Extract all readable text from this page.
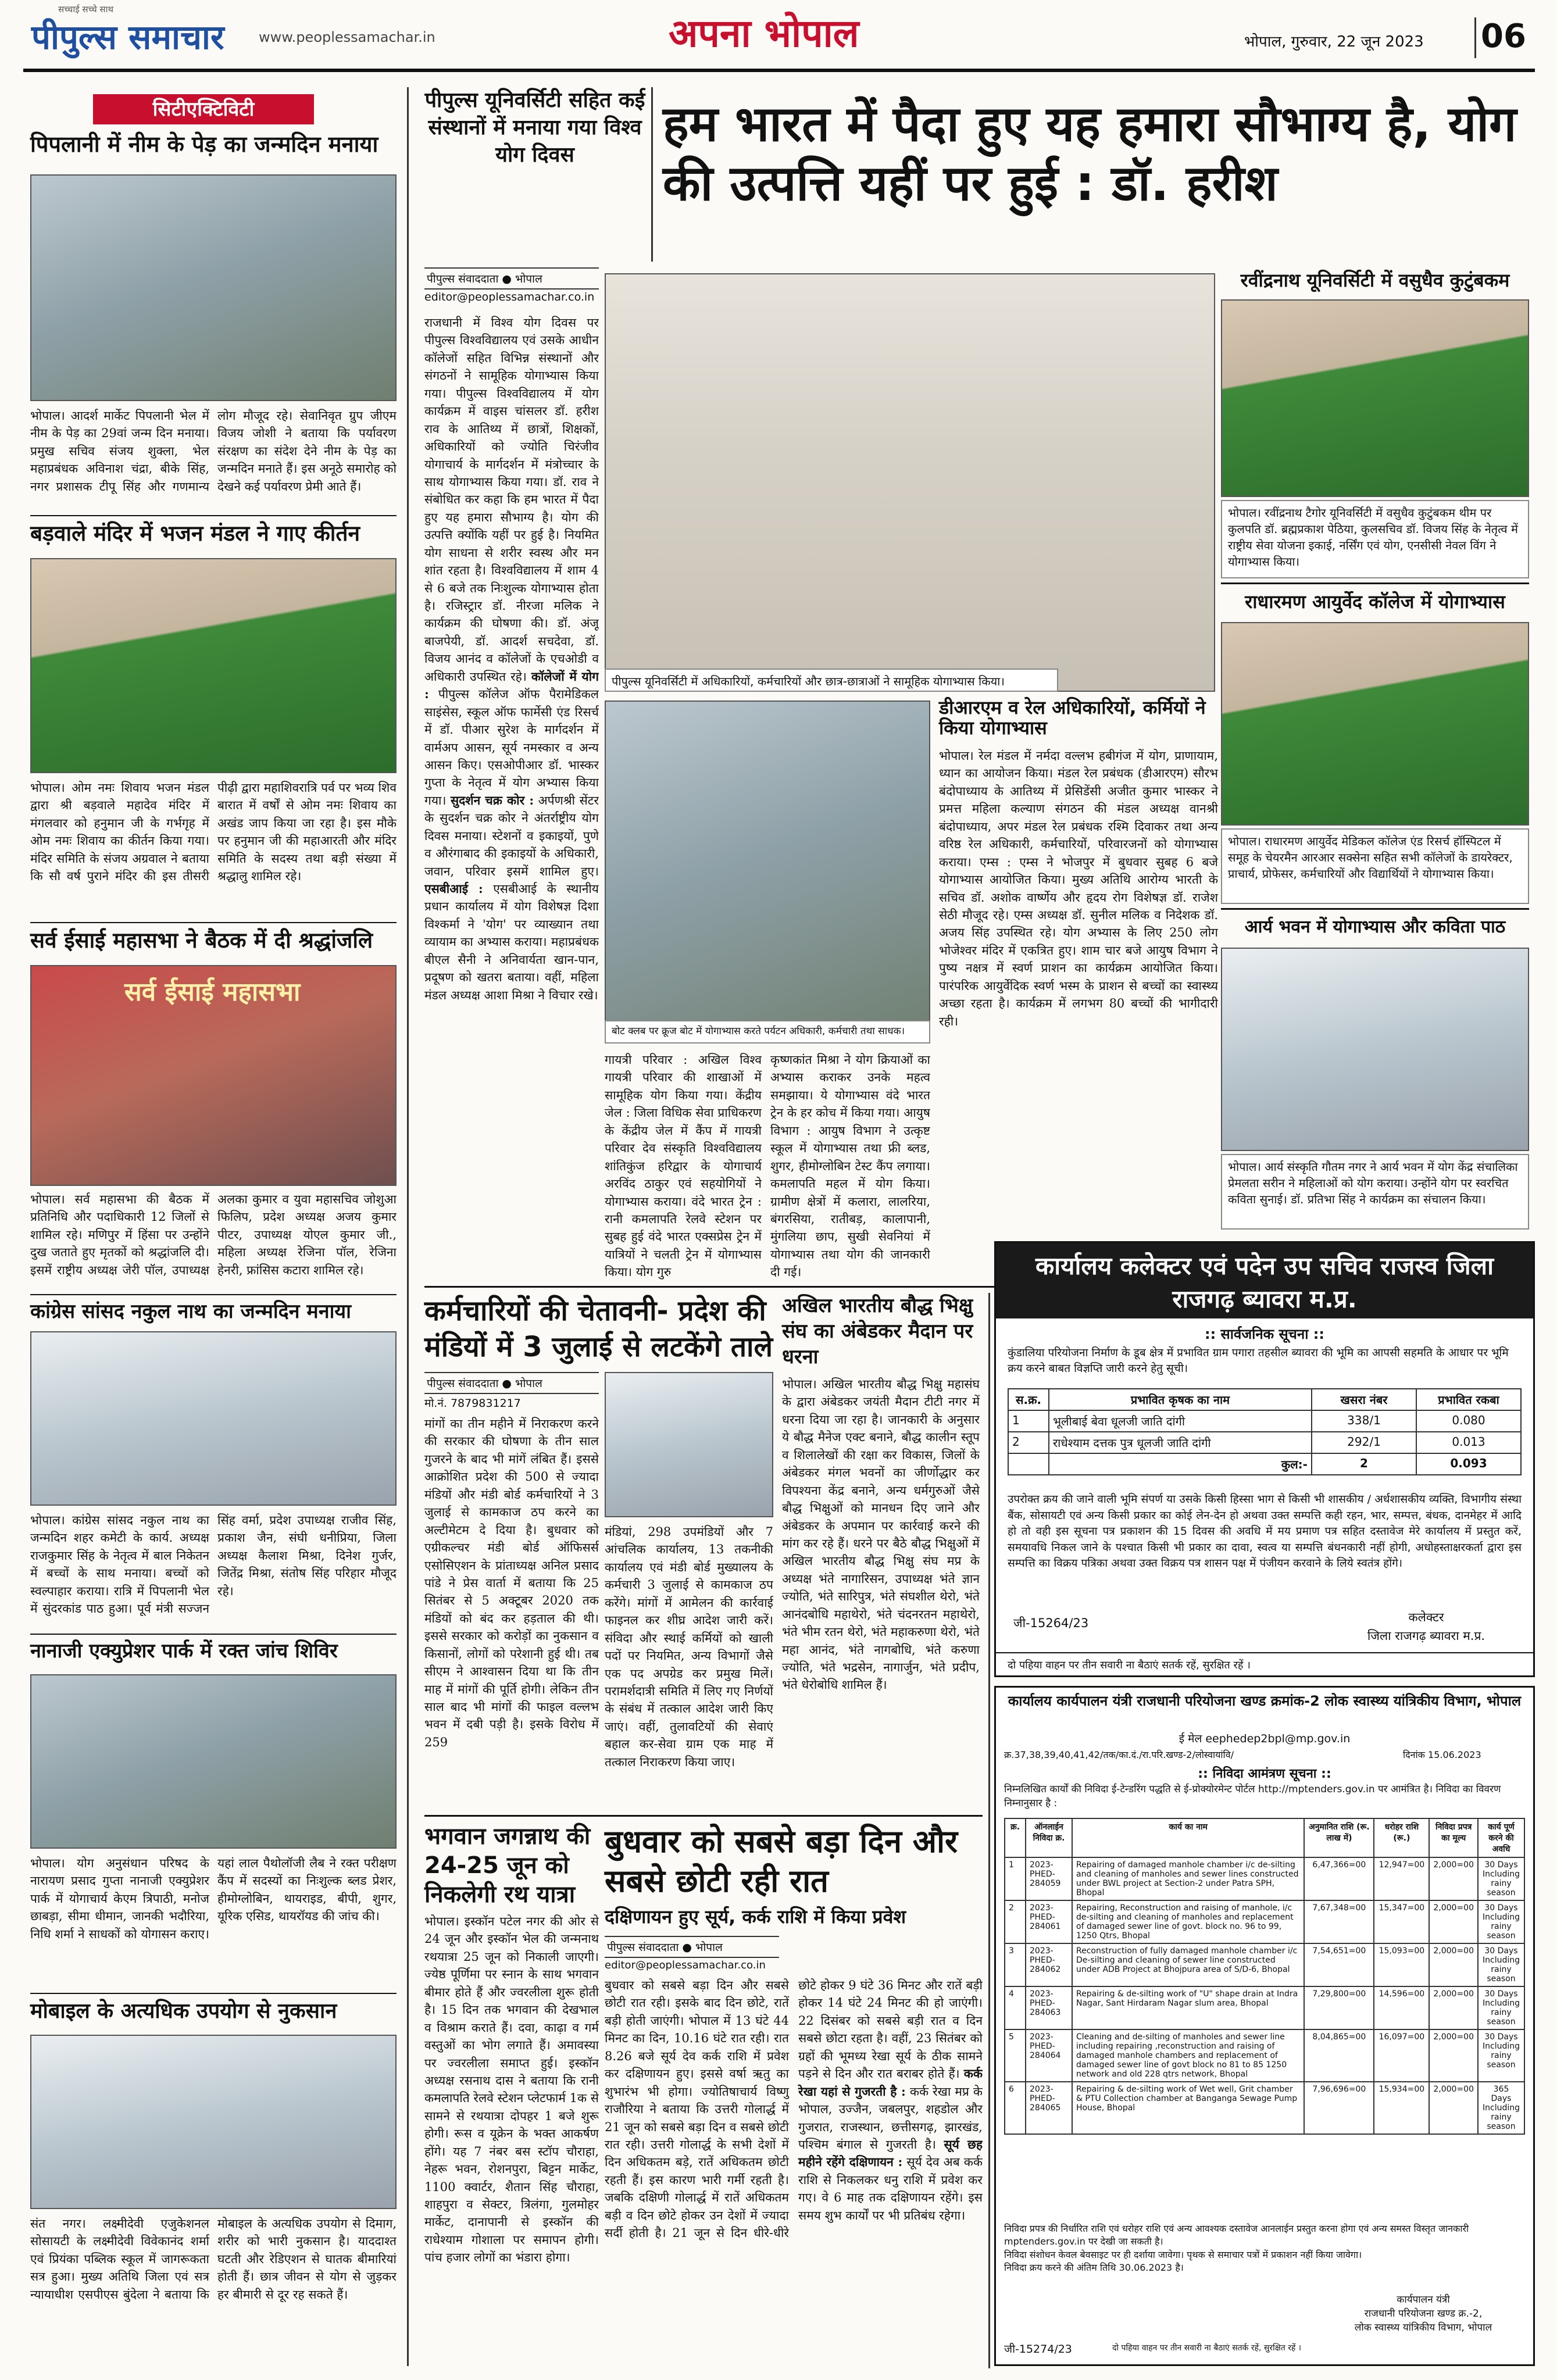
सच्चाई सच्चे साथ
पीपुल्स समाचार www.peoplessamachar.in	अपना भोपाल	भोपाल, गुरुवार, 22 जून 2023 06
सिटीएक्टिविटी
पिपलानी में नीम के पेड़ का जन्मदिन मनाया
भोपाल। आदर्श मार्केट पिपलानी भेल में नीम के पेड़ का 29वां जन्म दिन मनाया। प्रमुख सचिव संजय शुक्ला, भेल महाप्रबंधक अविनाश चंद्रा, बीके सिंह, नगर प्रशासक टीपू सिंह और गणमान्य लोग मौजूद रहे। सेवानिवृत ग्रुप जीएम विजय जोशी ने बताया कि पर्यावरण संरक्षण का संदेश देने नीम के पेड़ का जन्मदिन मनाते हैं। इस अनूठे समारोह को देखने कई पर्यावरण प्रेमी आते हैं।
बड़वाले मंदिर में भजन मंडल ने गाए कीर्तन
भोपाल। ओम नमः शिवाय भजन मंडल द्वारा श्री बड़वाले महादेव मंदिर में मंगलवार को हनुमान जी के गर्भगृह में ओम नमः शिवाय का कीर्तन किया गया। मंदिर समिति के संजय अग्रवाल ने बताया कि सौ वर्ष पुराने मंदिर की इस तीसरी पीढ़ी द्वारा महाशिवरात्रि पर्व पर भव्य शिव बारात में वर्षों से ओम नमः शिवाय का अखंड जाप किया जा रहा है। इस मौके पर हनुमान जी की महाआरती और मंदिर समिति के सदस्य तथा बड़ी संख्या में श्रद्धालु शामिल रहे।
सर्व ईसाई महासभा ने बैठक में दी श्रद्धांजलि
सर्व ईसाई महासभा
भोपाल। सर्व महासभा की बैठक में प्रतिनिधि और पदाधिकारी 12 जिलों से शामिल रहे। मणिपुर में हिंसा पर उन्होंने दुख जताते हुए मृतकों को श्रद्धांजलि दी। इसमें राष्ट्रीय अध्यक्ष जेरी पॉल, उपाध्यक्ष अलका कुमार व युवा महासचिव जोशुआ फिलिप, प्रदेश अध्यक्ष अजय कुमार पीटर, उपाध्यक्ष योएल कुमार जी., महिला अध्यक्ष रेजिना पॉल, रेजिना हेनरी, फ्रांसिस कटारा शामिल रहे।
कांग्रेस सांसद नकुल नाथ का जन्मदिन मनाया
भोपाल। कांग्रेस सांसद नकुल नाथ का जन्मदिन शहर कमेटी के कार्य. अध्यक्ष राजकुमार सिंह के नेतृत्व में बाल निकेतन में बच्चों के साथ मनाया। बच्चों को स्वल्पाहार कराया। रात्रि में पिपलानी भेल में सुंदरकांड पाठ हुआ। पूर्व मंत्री सज्जन सिंह वर्मा, प्रदेश उपाध्यक्ष राजीव सिंह, प्रकाश जैन, संघी धनीप्रिया, जिला अध्यक्ष कैलाश मिश्रा, दिनेश गुर्जर, जितेंद्र मिश्रा, संतोष सिंह परिहार मौजूद रहे।
नानाजी एक्युप्रेशर पार्क में रक्त जांच शिविर
भोपाल। योग अनुसंधान परिषद के नारायण प्रसाद गुप्ता नानाजी एक्युप्रेशर पार्क में योगाचार्य केएम त्रिपाठी, मनोज छाबड़ा, सीमा धीमान, जानकी भदौरिया, निधि शर्मा ने साधकों को योगासन कराए। यहां लाल पैथोलॉजी लैब ने रक्त परीक्षण कैंप में सदस्यों का निःशुल्क ब्लड प्रेशर, हीमोग्लोबिन, थायराइड, बीपी, शुगर, यूरिक एसिड, थायरॉयड की जांच की।
मोबाइल के अत्यधिक उपयोग से नुकसान
संत नगर। लक्ष्मीदेवी एजुकेशनल सोसायटी के लक्ष्मीदेवी विवेकानंद शर्मा एवं प्रियंका पब्लिक स्कूल में जागरूकता सत्र हुआ। मुख्य अतिथि जिला एवं सत्र न्यायाधीश एसपीएस बुंदेला ने बताया कि मोबाइल के अत्यधिक उपयोग से दिमाग, शरीर को भारी नुकसान है। याददाश्त घटती और रेडिएशन से घातक बीमारियां होती हैं। छात्र जीवन से योग से जुड़कर हर बीमारी से दूर रह सकते हैं।
पीपुल्स यूनिवर्सिटी सहित कई संस्थानों में मनाया गया विश्व योग दिवस
हम भारत में पैदा हुए यह हमारा सौभाग्य है, योग की उत्पत्ति यहीं पर हुई : डॉ. हरीश
पीपुल्स संवाददाता ● भोपाल
editor@peoplessamachar.co.in
राजधानी में विश्व योग दिवस पर पीपुल्स विश्वविद्यालय एवं उसके आधीन कॉलेजों सहित विभिन्न संस्थानों और संगठनों ने सामूहिक योगाभ्यास किया गया। पीपुल्स विश्वविद्यालय में योग कार्यक्रम में वाइस चांसलर डॉ. हरीश राव के आतिथ्य में छात्रों, शिक्षकों, अधिकारियों को ज्योति चिरंजीव योगाचार्य के मार्गदर्शन में मंत्रोच्चार के साथ योगाभ्यास किया गया। डॉ. राव ने संबोधित कर कहा कि हम भारत में पैदा हुए यह हमारा सौभाग्य है। योग की उत्पत्ति क्योंकि यहीं पर हुई है। नियमित योग साधना से शरीर स्वस्थ और मन शांत रहता है। विश्वविद्यालय में शाम 4 से 6 बजे तक निःशुल्क योगाभ्यास होता है। रजिस्ट्रार डॉ. नीरजा मलिक ने कार्यक्रम की घोषणा की। डॉ. अंजू बाजपेयी, डॉ. आदर्श सचदेवा, डॉ. विजय आनंद व कॉलेजों के एचओडी व अधिकारी उपस्थित रहे। कॉलेजों में योग : पीपुल्स कॉलेज ऑफ पैरामेडिकल साइंसेस, स्कूल ऑफ फार्मेसी एंड रिसर्च में डॉ. पीआर सुरेश के मार्गदर्शन में वार्मअप आसन, सूर्य नमस्कार व अन्य आसन किए। एसओपीआर डॉ. भास्कर गुप्ता के नेतृत्व में योग अभ्यास किया गया। सुदर्शन चक्र कोर : अर्पणश्री सेंटर के सुदर्शन चक्र कोर ने अंतर्राष्ट्रीय योग दिवस मनाया। स्टेशनों व इकाइयों, पुणे व औरंगाबाद की इकाइयों के अधिकारी, जवान, परिवार इसमें शामिल हुए। एसबीआई : एसबीआई के स्थानीय प्रधान कार्यालय में योग विशेषज्ञ दिशा विश्कर्मा ने 'योग' पर व्याख्यान तथा व्यायाम का अभ्यास कराया। महाप्रबंधक बीएल सैनी ने अनिवार्यता खान-पान, प्रदूषण को खतरा बताया। वहीं, महिला मंडल अध्यक्ष आशा मिश्रा ने विचार रखे।
पीपुल्स यूनिवर्सिटी में अधिकारियों, कर्मचारियों और छात्र-छात्राओं ने सामूहिक योगाभ्यास किया।
बोट क्लब पर क्रूज बोट में योगाभ्यास करते पर्यटन अधिकारी, कर्मचारी तथा साधक।
गायत्री परिवार : अखिल विश्व गायत्री परिवार की शाखाओं में सामूहिक योग किया गया। केंद्रीय जेल : जिला विधिक सेवा प्राधिकरण के केंद्रीय जेल में कैंप में गायत्री परिवार देव संस्कृति विश्वविद्यालय शांतिकुंज हरिद्वार के योगाचार्य अरविंद ठाकुर एवं सहयोगियों ने योगाभ्यास कराया। वंदे भारत ट्रेन : रानी कमलापति रेलवे स्टेशन पर सुबह हुई वंदे भारत एक्सप्रेस ट्रेन में यात्रियों ने चलती ट्रेन में योगाभ्यास किया। योग गुरु
कृष्णकांत मिश्रा ने योग क्रियाओं का अभ्यास कराकर उनके महत्व समझाया। ये योगाभ्यास वंदे भारत ट्रेन के हर कोच में किया गया। आयुष विभाग : आयुष विभाग ने उत्कृष्ट स्कूल में योगाभ्यास तथा फ्री ब्लड, शुगर, हीमोग्लोबिन टेस्ट कैंप लगाया। कमलापति महल में योग किया। ग्रामीण क्षेत्रों में कलारा, लालरिया, बंगरसिया, रातीबड़, कालापानी, मुंगलिया छाप, सुखी सेवनियां में योगाभ्यास तथा योग की जानकारी दी गई।
डीआरएम व रेल अधिकारियों, कर्मियों ने किया योगाभ्यास
भोपाल। रेल मंडल में नर्मदा वल्लभ हबीगंज में योग, प्राणायाम, ध्यान का आयोजन किया। मंडल रेल प्रबंधक (डीआरएम) सौरभ बंदोपाध्याय के आतिथ्य में प्रेसिडेंसी अजीत कुमार भास्कर ने प्रमत्त महिला कल्याण संगठन की मंडल अध्यक्ष वानश्री बंदोपाध्याय, अपर मंडल रेल प्रबंधक रश्मि दिवाकर तथा अन्य वरिष्ठ रेल अधिकारी, कर्मचारियों, परिवारजनों को योगाभ्यास कराया। एम्स : एम्स ने भोजपुर में बुधवार सुबह 6 बजे योगाभ्यास आयोजित किया। मुख्य अतिथि आरोग्य भारती के सचिव डॉ. अशोक वार्ष्णेय और हृदय रोग विशेषज्ञ डॉ. राजेश सेठी मौजूद रहे। एम्स अध्यक्ष डॉ. सुनील मलिक व निदेशक डॉ. अजय सिंह उपस्थित रहे। योग अभ्यास के लिए 250 लोग भोजेश्वर मंदिर में एकत्रित हुए। शाम चार बजे आयुष विभाग ने पुष्य नक्षत्र में स्वर्ण प्राशन का कार्यक्रम आयोजित किया। पारंपरिक आयुर्वेदिक स्वर्ण भस्म के प्राशन से बच्चों का स्वास्थ्य अच्छा रहता है। कार्यक्रम में लगभग 80 बच्चों की भागीदारी रही।
कर्मचारियों की चेतावनी- प्रदेश की मंडियों में 3 जुलाई से लटकेंगे ताले
पीपुल्स संवाददाता ● भोपाल
मो.नं. 7879831217
मांगों का तीन महीने में निराकरण करने की सरकार की घोषणा के तीन साल गुजरने के बाद भी मांगें लंबित हैं। इससे आक्रोशित प्रदेश की 500 से ज्यादा मंडियों और मंडी बोर्ड कर्मचारियों ने 3 जुलाई से कामकाज ठप करने का अल्टीमेटम दे दिया है। बुधवार को एग्रीकल्चर मंडी बोर्ड ऑफिसर्स एसोसिएशन के प्रांताध्यक्ष अनिल प्रसाद पांडे ने प्रेस वार्ता में बताया कि 25 सितंबर से 5 अक्टूबर 2020 तक मंडियों को बंद कर हड़ताल की थी। इससे सरकार को करोड़ों का नुकसान व किसानों, लोगों को परेशानी हुई थी। तब सीएम ने आश्वासन दिया था कि तीन माह में मांगों की पूर्ति होगी। लेकिन तीन साल बाद भी मांगों की फाइल वल्लभ भवन में दबी पड़ी है। इसके विरोध में 259
मंडियां, 298 उपमंडियों और 7 आंचलिक कार्यालय, 13 तकनीकी कार्यालय एवं मंडी बोर्ड मुख्यालय के कर्मचारी 3 जुलाई से कामकाज ठप करेंगे। मांगों में आमेलन की कार्रवाई फाइनल कर शीघ्र आदेश जारी करें। संविदा और स्थाई कर्मियों को खाली पदों पर नियमित, अन्य विभागों जैसे एक पद अपग्रेड कर प्रमुख मिलें। परामर्शदात्री समिति में लिए गए निर्णयों के संबंध में तत्काल आदेश जारी किए जाएं। वहीं, तुलावटियों की सेवाएं बहाल कर-सेवा ग्राम एक माह में तत्काल निराकरण किया जाए।
अखिल भारतीय बौद्ध भिक्षु संघ का अंबेडकर मैदान पर धरना
भोपाल। अखिल भारतीय बौद्ध भिक्षु महासंघ के द्वारा अंबेडकर जयंती मैदान टीटी नगर में धरना दिया जा रहा है। जानकारी के अनुसार ये बौद्ध मैनेज एक्ट बनाने, बौद्ध कालीन स्तूप व शिलालेखों की रक्षा कर विकास, जिलों के अंबेडकर मंगल भवनों का जीर्णोद्धार कर विपश्यना केंद्र बनाने, अन्य धर्मगुरुओं जैसे बौद्ध भिक्षुओं को मानधन दिए जाने और अंबेडकर के अपमान पर कार्रवाई करने की मांग कर रहे हैं। धरने पर बैठे बौद्ध भिक्षुओं में अखिल भारतीय बौद्ध भिक्षु संघ मप्र के अध्यक्ष भंते नागारिसन, उपाध्यक्ष भंते ज्ञान ज्योति, भंते सारिपुत्र, भंते संघशील थेरो, भंते आनंदबोधि महाथेरो, भंते चंदनरतन महाथेरो, भंते भीम रतन थेरो, भंते महाकरुणा थेरो, भंते महा आनंद, भंते नागबोधि, भंते करुणा ज्योति, भंते भद्रसेन, नागार्जुन, भंते प्रदीप, भंते धेरोबोधि शामिल हैं।
भगवान जगन्नाथ की 24-25 जून को निकलेगी रथ यात्रा
भोपाल। इस्कॉन पटेल नगर की ओर से 24 जून और इस्कॉन भेल की जन्मनाथ रथयात्रा 25 जून को निकाली जाएगी। ज्येष्ठ पूर्णिमा पर स्नान के साथ भगवान बीमार होते हैं और ज्वरलीला शुरू होती है। 15 दिन तक भगवान की देखभाल व विश्राम कराते हैं। दवा, काढ़ा व गर्म वस्तुओं का भोग लगाते हैं। अमावस्या पर ज्वरलीला समाप्त हुई। इस्कॉन अध्यक्ष रसनाथ दास ने बताया कि रानी कमलापति रेलवे स्टेशन प्लेटफार्म 1क से सामने से रथयात्रा दोपहर 1 बजे शुरू होगी। रूस व यूक्रेन के भक्त आकर्षण होंगे। यह 7 नंबर बस स्टॉप चौराहा, नेहरू भवन, रोशनपुरा, बिट्टन मार्केट, 1100 क्वार्टर, शैतान सिंह चौराहा, शाहपुरा व सेक्टर, त्रिलंगा, गुलमोहर मार्केट, दानापानी से इस्कॉन की राधेश्याम गोशाला पर समापन होगी। पांच हजार लोगों का भंडारा होगा।
बुधवार को सबसे बड़ा दिन और सबसे छोटी रही रात
दक्षिणायन हुए सूर्य, कर्क राशि में किया प्रवेश
पीपुल्स संवाददाता ● भोपाल
editor@peoplessamachar.co.in
बुधवार को सबसे बड़ा दिन और सबसे छोटी रात रही। इसके बाद दिन छोटे, रातें बड़ी होती जाएंगी। भोपाल में 13 घंटे 44 मिनट का दिन, 10.16 घंटे रात रही। रात 8.26 बजे सूर्य देव कर्क राशि में प्रवेश कर दक्षिणायन हुए। इससे वर्षा ऋतु का शुभारंभ भी होगा। ज्योतिषाचार्य विष्णु राजौरिया ने बताया कि उत्तरी गोलार्द्ध में 21 जून को सबसे बड़ा दिन व सबसे छोटी रात रही। उत्तरी गोलार्द्ध के सभी देशों में दिन अधिकतम बड़े, रातें अधिकतम छोटी रहती हैं। इस कारण भारी गर्मी रहती है। जबकि दक्षिणी गोलार्द्ध में रातें अधिकतम बड़ी व दिन छोटे होकर उन देशों में ज्यादा सर्दी होती है। 21 जून से दिन धीरे-धीरे छोटे होकर 9 घंटे 36 मिनट और रातें बड़ी होकर 14 घंटे 24 मिनट की हो जाएंगी। 22 दिसंबर को सबसे बड़ी रात व दिन सबसे छोटा रहता है। वहीं, 23 सितंबर को ग्रहों की भूमध्य रेखा सूर्य के ठीक सामने पड़ने से दिन और रात बराबर होते हैं। कर्क रेखा यहां से गुजरती है : कर्क रेखा मप्र के भोपाल, उज्जैन, जबलपुर, शहडोल और गुजरात, राजस्थान, छत्तीसगढ़, झारखंड, पश्चिम बंगाल से गुजरती है। सूर्य छह महीने रहेंगे दक्षिणायन : सूर्य देव अब कर्क राशि से निकलकर धनु राशि में प्रवेश कर गए। वे 6 माह तक दक्षिणायन रहेंगे। इस समय शुभ कार्यों पर भी प्रतिबंध रहेगा।
रवींद्रनाथ यूनिवर्सिटी में वसुधैव कुटुंबकम
भोपाल। रवींद्रनाथ टैगोर यूनिवर्सिटी में वसुधैव कुटुंबकम थीम पर कुलपति डॉ. ब्रह्मप्रकाश पेठिया, कुलसचिव डॉ. विजय सिंह के नेतृत्व में राष्ट्रीय सेवा योजना इकाई, नर्सिंग एवं योग, एनसीसी नेवल विंग ने योगाभ्यास किया।
राधारमण आयुर्वेद कॉलेज में योगाभ्यास
भोपाल। राधारमण आयुर्वेद मेडिकल कॉलेज एंड रिसर्च हॉस्पिटल में समूह के चेयरमैन आरआर सक्सेना सहित सभी कॉलेजों के डायरेक्टर, प्राचार्य, प्रोफेसर, कर्मचारियों और विद्यार्थियों ने योगाभ्यास किया।
आर्य भवन में योगाभ्यास और कविता पाठ
भोपाल। आर्य संस्कृति गौतम नगर ने आर्य भवन में योग केंद्र संचालिका प्रेमलता सरीन ने महिलाओं को योग कराया। उन्होंने योग पर स्वरचित कविता सुनाई। डॉ. प्रतिभा सिंह ने कार्यक्रम का संचालन किया।
कार्यालय कलेक्टर एवं पदेन उप सचिव राजस्व जिला राजगढ़ ब्यावरा म.प्र.
:: सार्वजनिक सूचना ::
कुंडालिया परियोजना निर्माण के डूब क्षेत्र में प्रभावित ग्राम पगारा तहसील ब्यावरा की भूमि का आपसी सहमति के आधार पर भूमि क्रय करने बाबत विज्ञप्ति जारी करने हेतु सूची।
स.क्र.	प्रभावित कृषक का नाम	खसरा नंबर	प्रभावित रकबा
1	भूलीबाई बेवा धूलजी जाति दांगी	338/1	0.080
2	राधेश्याम दत्तक पुत्र धूलजी जाति दांगी	292/1	0.013
	कुल:-	2	0.093
उपरोक्त क्रय की जाने वाली भूमि संपर्ण या उसके किसी हिस्सा भाग से किसी भी शासकीय / अर्धशासकीय व्यक्ति, विभागीय संस्था बैंक, सोसायटी एवं अन्य किसी प्रकार का कोई लेन-देन हो अथवा उक्त सम्पत्ति कही रहन, भार, सम्पत्त, बंधक, दानमेहर में आदि हो तो वही इस सूचना पत्र प्रकाशन की 15 दिवस की अवधि में मय प्रमाण पत्र सहित दस्तावेज मेरे कार्यालय में प्रस्तुत करें, समयावधि निकल जाने के पश्चात किसी भी प्रकार का दावा, स्वत्व या सम्पत्ति बंधनकारी नहीं होगी, अधोहस्ताक्षरकर्ता द्वारा इस सम्पत्ति का विक्रय पत्रिका अथवा उक्त विक्रय पत्र शासन पक्ष में पंजीयन करवाने के लिये स्वतंत्र होंगे।
जी-15264/23	कलेक्टर
जिला राजगढ़ ब्यावरा म.प्र.
दो पहिया वाहन पर तीन सवारी ना बैठाएं सतर्क रहें, सुरक्षित रहें ।
कार्यालय कार्यपालन यंत्री राजधानी परियोजना खण्ड क्रमांक-2 लोक स्वास्थ्य यांत्रिकीय विभाग, भोपाल
ई मेल eephedep2bpl@mp.gov.in
क्र.37,38,39,40,41,42/तक/का.दं./रा.परि.खण्ड-2/लोस्वायांवि/	दिनांक 15.06.2023
:: निविदा आमंत्रण सूचना ::
निम्नलिखित कार्यों की निविदा ई-टेन्डरिंग पद्धति से ई-प्रोक्योरमेन्ट पोर्टल http://mptenders.gov.in पर आमंत्रित है। निविदा का विवरण निम्नानुसार है :
क्र.	ऑनलाईन निविदा क्र.	कार्य का नाम	अनुमानित राशि (रू. लाख में)	धरोहर राशि (रू.)	निविदा प्रपत्र का मूल्य	कार्य पूर्ण करने की अवधि
1	2023-PHED-284059	Repairing of damaged manhole chamber i/c de-silting and cleaning of manholes and sewer lines constructed under BWL project at Section-2 under Patra SPH, Bhopal	6,47,366=00	12,947=00	2,000=00	30 Days Including rainy season
2	2023-PHED-284061	Repairing, Reconstruction and raising of manhole, i/c de-silting and cleaning of manholes and replacement of damaged sewer line of govt. block no. 96 to 99, 1250 Qtrs, Bhopal	7,67,348=00	15,347=00	2,000=00	30 Days Including rainy season
3	2023-PHED-284062	Reconstruction of fully damaged manhole chamber i/c De-silting and cleaning of sewer line constructed under ADB Project at Bhojpura area of S/D-6, Bhopal	7,54,651=00	15,093=00	2,000=00	30 Days Including rainy season
4	2023-PHED-284063	Repairing & de-silting work of "U" shape drain at Indra Nagar, Sant Hirdaram Nagar slum area, Bhopal	7,29,800=00	14,596=00	2,000=00	30 Days Including rainy season
5	2023-PHED-284064	Cleaning and de-silting of manholes and sewer line including repairing ,reconstruction and raising of damaged manhole chambers and replacement of damaged sewer line of govt block no 81 to 85 1250 network and old 228 qtrs network, Bhopal	8,04,865=00	16,097=00	2,000=00	30 Days Including rainy season
6	2023-PHED-284065	Repairing & de-silting work of Wet well, Grit chamber & PTU Collection chamber at Banganga Sewage Pump House, Bhopal	7,96,696=00	15,934=00	2,000=00	365 Days Including rainy season
निविदा प्रपत्र की निर्धारित राशि एवं धरोहर राशि एवं अन्य आवश्यक दस्तावेज आनलाईन प्रस्तुत करना होगा एवं अन्य समस्त विस्तृत जानकारी mptenders.gov.in पर देखी जा सकती है।
निविदा संशोधन केवल बेवसाइट पर ही दर्शाया जावेगा। पृथक से समाचार पत्रों में प्रकाशन नहीं किया जावेगा।
निविदा क्रय करने की अंतिम तिथि 30.06.2023 है।
कार्यपालन यंत्री
राजधानी परियोजना खण्ड क्र.-2,
लोक स्वास्थ्य यांत्रिकीय विभाग, भोपाल
जी-15274/23	दो पहिया वाहन पर तीन सवारी ना बैठाएं सतर्क रहें, सुरक्षित रहें ।
